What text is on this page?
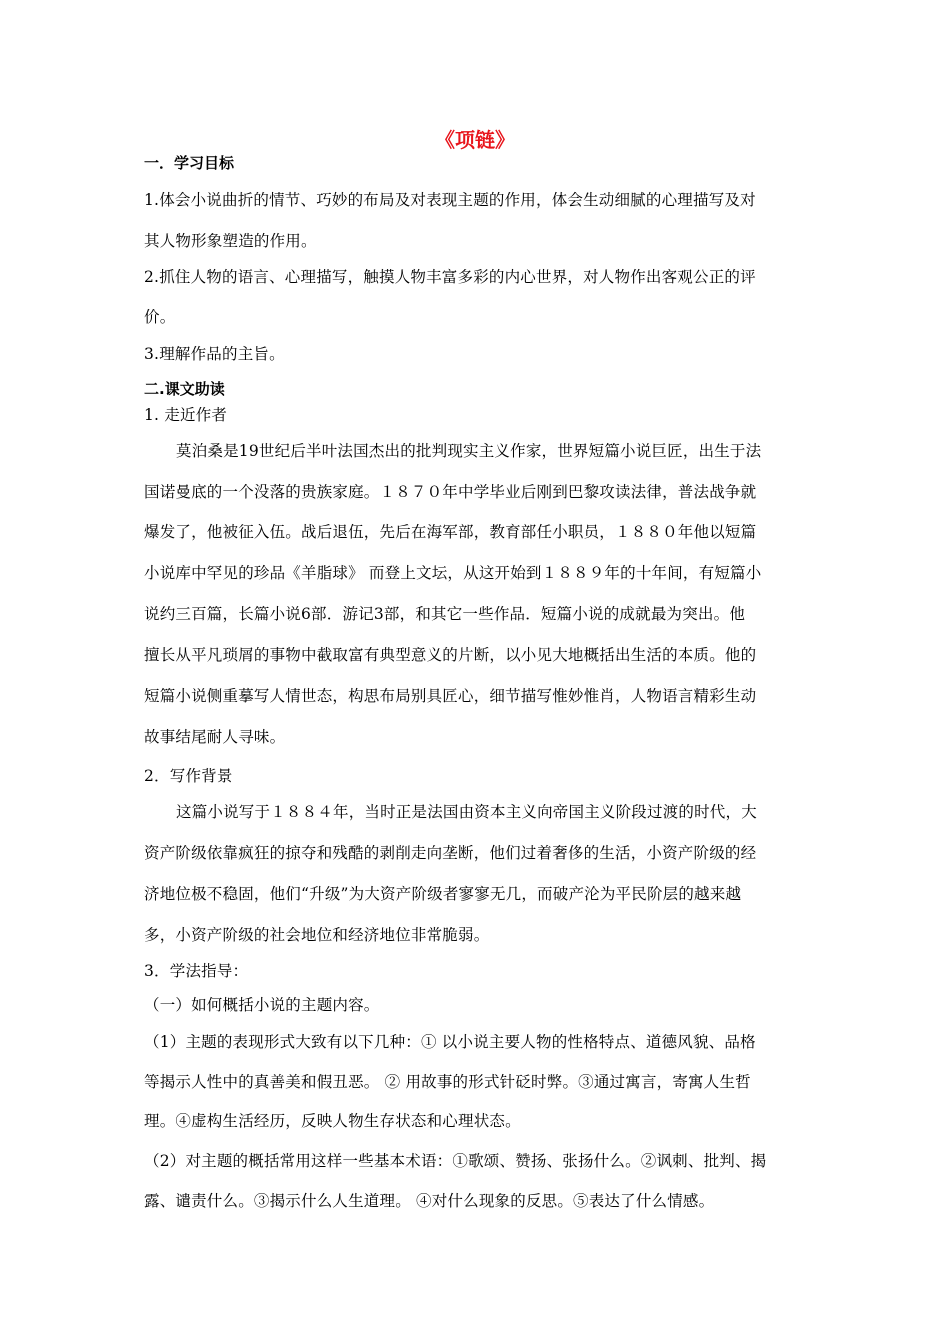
《项链》
一．学习目标
1.体会小说曲折的情节、巧妙的布局及对表现主题的作用，体会生动细腻的心理描写及对
其人物形象塑造的作用。
2.抓住人物的语言、心理描写，触摸人物丰富多彩的内心世界，对人物作出客观公正的评
价。
3.理解作品的主旨。
二.课文助读
1. 走近作者
莫泊桑是19世纪后半叶法国杰出的批判现实主义作家，世界短篇小说巨匠，出生于法
国诺曼底的一个没落的贵族家庭。１８７０年中学毕业后刚到巴黎攻读法律，普法战争就
爆发了，他被征入伍。战后退伍，先后在海军部，教育部任小职员，１８８０年他以短篇
小说库中罕见的珍品《羊脂球》 而登上文坛，从这开始到１８８９年的十年间，有短篇小
说约三百篇，长篇小说6部．游记3部，和其它一些作品．短篇小说的成就最为突出。他
擅长从平凡琐屑的事物中截取富有典型意义的片断，以小见大地概括出生活的本质。他的
短篇小说侧重摹写人情世态，构思布局别具匠心，细节描写惟妙惟肖，人物语言精彩生动
故事结尾耐人寻味。
2．写作背景
这篇小说写于１８８４年，当时正是法国由资本主义向帝国主义阶段过渡的时代，大
资产阶级依靠疯狂的掠夺和残酷的剥削走向垄断，他们过着奢侈的生活，小资产阶级的经
济地位极不稳固，他们“升级”为大资产阶级者寥寥无几，而破产沦为平民阶层的越来越
多，小资产阶级的社会地位和经济地位非常脆弱。
3．学法指导：
（一）如何概括小说的主题内容。
（1）主题的表现形式大致有以下几种：① 以小说主要人物的性格特点、道德风貌、品格
等揭示人性中的真善美和假丑恶。 ② 用故事的形式针砭时弊。③通过寓言，寄寓人生哲
理。④虚构生活经历，反映人物生存状态和心理状态。
（2）对主题的概括常用这样一些基本术语：①歌颂、赞扬、张扬什么。②讽刺、批判、揭
露、谴责什么。③揭示什么人生道理。 ④对什么现象的反思。⑤表达了什么情感。
